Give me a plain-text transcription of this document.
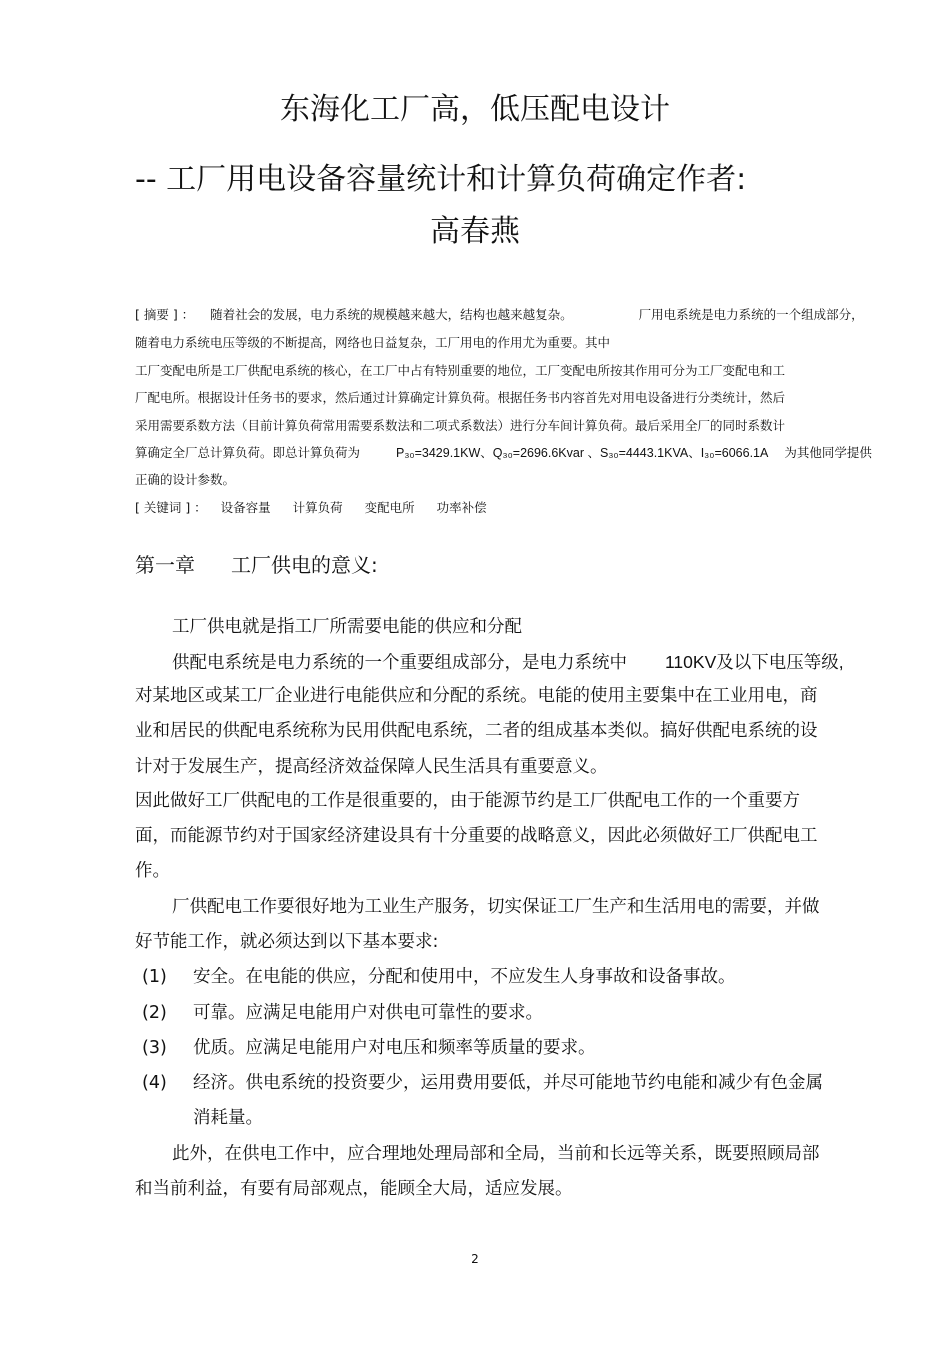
东海化工厂高，低压配电设计
-- 工厂用电设备容量统计和计算负荷确定作者:
高春燕
[ 摘要 ] ： 随着社会的发展，电力系统的规模越来越大，结构也越来越复杂。	厂用电系统是电力系统的一个组成部分，
随着电力系统电压等级的不断提高，网络也日益复杂，工厂用电的作用尤为重要。其中
工厂变配电所是工厂供配电系统的核心，在工厂中占有特别重要的地位，工厂变配电所按其作用可分为工厂变配电和工
厂配电所。根据设计任务书的要求，然后通过计算确定计算负荷。根据任务书内容首先对用电设备进行分类统计，然后
采用需要系数方法（目前计算负荷常用需要系数法和二项式系数法）进行分车间计算负荷。最后采用全厂的同时系数计
算确定全厂总计算负荷。即总计算负荷为	P₃₀=3429.1KW、Q₃₀=2696.6Kvar 、S₃₀=4443.1KVA、I₃₀=6066.1A 为其他同学提供
正确的设计参数。
[ 关键词 ] ： 设备容量 计算负荷 变配电所 功率补偿
第一章 工厂供电的意义:
工厂供电就是指工厂所需要电能的供应和分配
供配电系统是电力系统的一个重要组成部分，是电力系统中 110KV及以下电压等级,
对某地区或某工厂企业进行电能供应和分配的系统。电能的使用主要集中在工业用电，商
业和居民的供配电系统称为民用供配电系统，二者的组成基本类似。搞好供配电系统的设
计对于发展生产，提高经济效益保障人民生活具有重要意义。
因此做好工厂供配电的工作是很重要的，由于能源节约是工厂供配电工作的一个重要方
面，而能源节约对于国家经济建设具有十分重要的战略意义，因此必须做好工厂供配电工
作。
厂供配电工作要很好地为工业生产服务，切实保证工厂生产和生活用电的需要，并做
好节能工作，就必须达到以下基本要求:
(1) 安全。在电能的供应，分配和使用中，不应发生人身事故和设备事故。
(2) 可靠。应满足电能用户对供电可靠性的要求。
(3) 优质。应满足电能用户对电压和频率等质量的要求。
(4) 经济。供电系统的投资要少，运用费用要低，并尽可能地节约电能和减少有色金属
消耗量。
此外，在供电工作中，应合理地处理局部和全局，当前和长远等关系，既要照顾局部
和当前利益，有要有局部观点，能顾全大局，适应发展。
2
